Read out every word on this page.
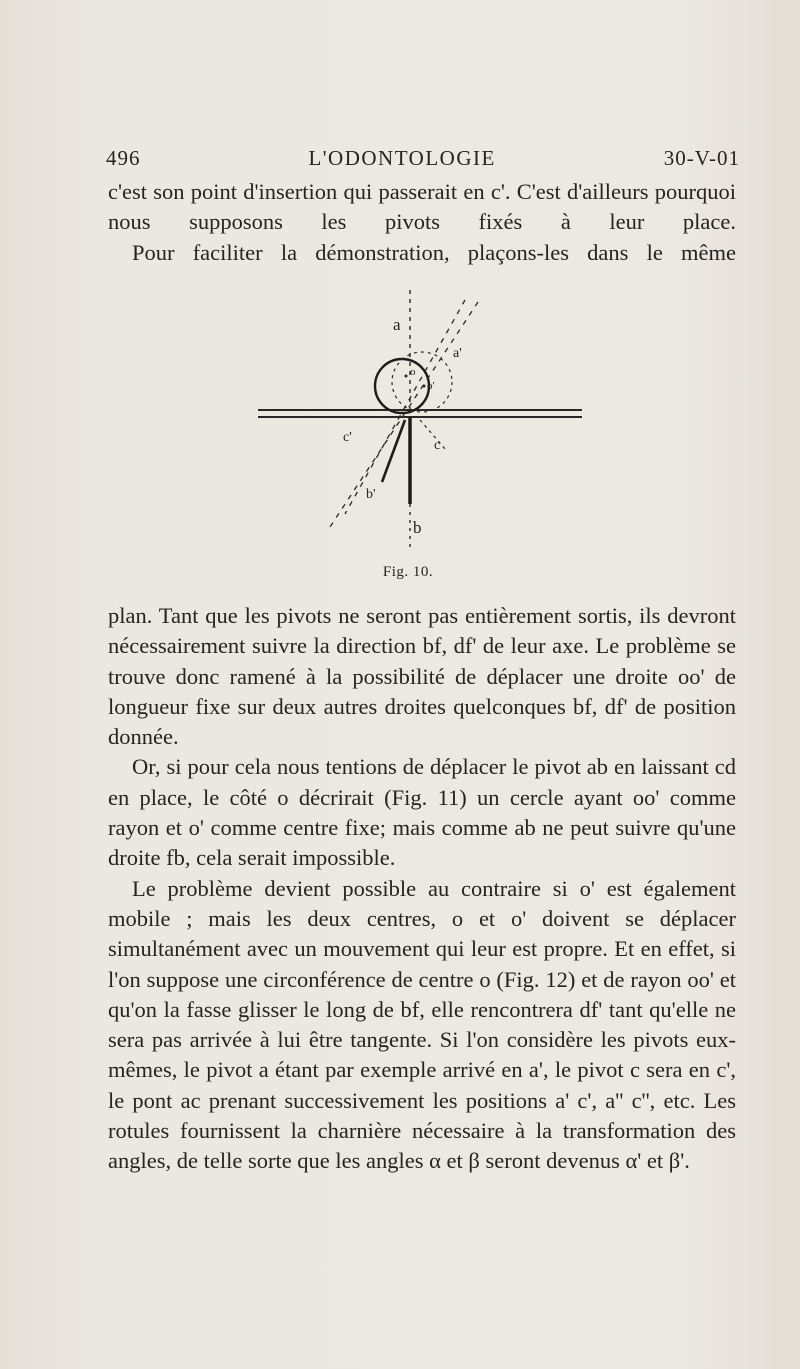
496	L'ODONTOLOGIE	30-V-01

c'est son point d'insertion qui passerait en c'. C'est d'ailleurs pourquoi nous supposons les pivots fixés à leur place.

Pour faciliter la démonstration, plaçons-les dans le même

a
a'
o
o'
c'
c
b'
b
Fig. 10.

plan. Tant que les pivots ne seront pas entièrement sortis, ils devront nécessairement suivre la direction bf, df' de leur axe. Le problème se trouve donc ramené à la possibilité de déplacer une droite oo' de longueur fixe sur deux autres droites quelconques bf, df' de position donnée.

Or, si pour cela nous tentions de déplacer le pivot ab en laissant cd en place, le côté o décrirait (Fig. 11) un cercle ayant oo' comme rayon et o' comme centre fixe; mais comme ab ne peut suivre qu'une droite fb, cela serait impossible.

Le problème devient possible au contraire si o' est également mobile ; mais les deux centres, o et o' doivent se déplacer simultanément avec un mouvement qui leur est propre. Et en effet, si l'on suppose une circonférence de centre o (Fig. 12) et de rayon oo' et qu'on la fasse glisser le long de bf, elle rencontrera df' tant qu'elle ne sera pas arrivée à lui être tangente. Si l'on considère les pivots eux-mêmes, le pivot a étant par exemple arrivé en a', le pivot c sera en c', le pont ac prenant successivement les positions a' c', a'' c'', etc. Les rotules fournissent la charnière nécessaire à la transformation des angles, de telle sorte que les angles α et β seront devenus α' et β'.
